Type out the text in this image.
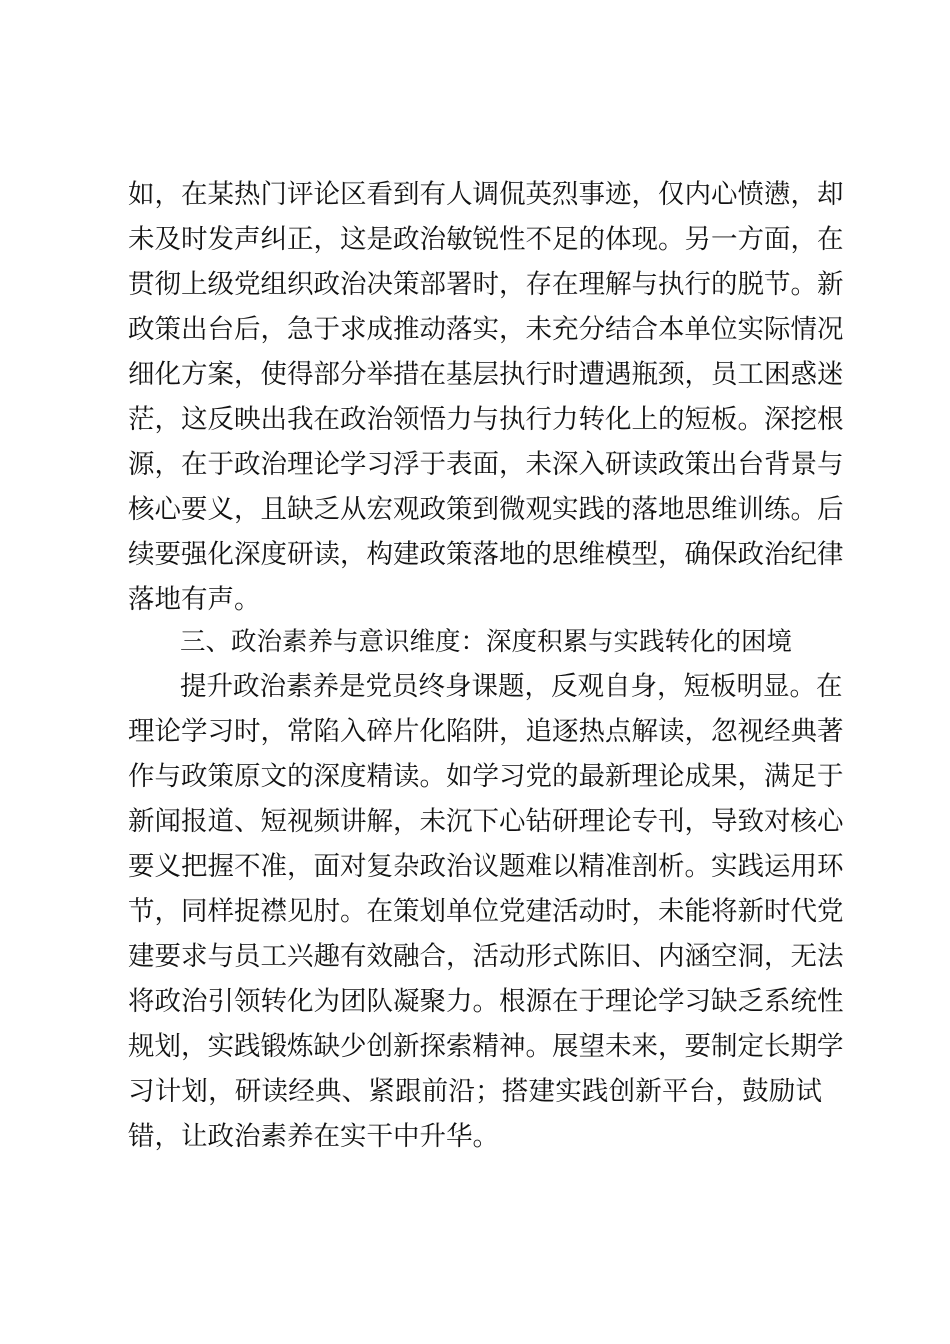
如，在某热门评论区看到有人调侃英烈事迹，仅内心愤懑，却
未及时发声纠正，这是政治敏锐性不足的体现。另一方面，在
贯彻上级党组织政治决策部署时，存在理解与执行的脱节。新
政策出台后，急于求成推动落实，未充分结合本单位实际情况
细化方案，使得部分举措在基层执行时遭遇瓶颈，员工困惑迷
茫，这反映出我在政治领悟力与执行力转化上的短板。深挖根
源，在于政治理论学习浮于表面，未深入研读政策出台背景与
核心要义，且缺乏从宏观政策到微观实践的落地思维训练。后
续要强化深度研读，构建政策落地的思维模型，确保政治纪律
落地有声。
三、政治素养与意识维度：深度积累与实践转化的困境
提升政治素养是党员终身课题，反观自身，短板明显。在
理论学习时，常陷入碎片化陷阱，追逐热点解读，忽视经典著
作与政策原文的深度精读。如学习党的最新理论成果，满足于
新闻报道、短视频讲解，未沉下心钻研理论专刊，导致对核心
要义把握不准，面对复杂政治议题难以精准剖析。实践运用环
节，同样捉襟见肘。在策划单位党建活动时，未能将新时代党
建要求与员工兴趣有效融合，活动形式陈旧、内涵空洞，无法
将政治引领转化为团队凝聚力。根源在于理论学习缺乏系统性
规划，实践锻炼缺少创新探索精神。展望未来，要制定长期学
习计划，研读经典、紧跟前沿；搭建实践创新平台，鼓励试
错，让政治素养在实干中升华。
